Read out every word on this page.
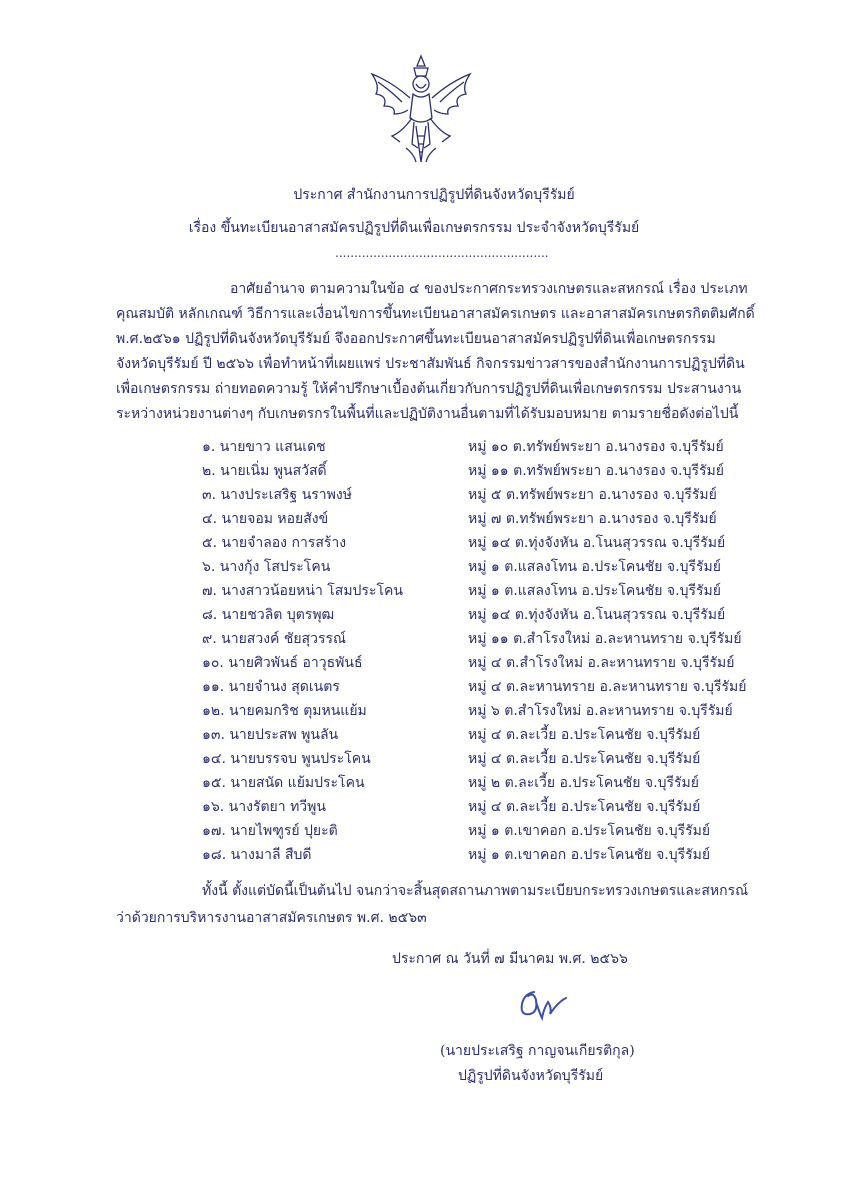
ประกาศ สำนักงานการปฏิรูปที่ดินจังหวัดบุรีรัมย์
เรื่อง ขึ้นทะเบียนอาสาสมัครปฏิรูปที่ดินเพื่อเกษตรกรรม ประจำจังหวัดบุรีรัมย์
........................................................
อาศัยอำนาจ ตามความในข้อ ๔ ของประกาศกระทรวงเกษตรและสหกรณ์ เรื่อง ประเภท
คุณสมบัติ หลักเกณฑ์ วิธีการและเงื่อนไขการขึ้นทะเบียนอาสาสมัครเกษตร และอาสาสมัครเกษตรกิตติมศักดิ์
พ.ศ.๒๕๖๑ ปฏิรูปที่ดินจังหวัดบุรีรัมย์ จึงออกประกาศขึ้นทะเบียนอาสาสมัครปฏิรูปที่ดินเพื่อเกษตรกรรม
จังหวัดบุรีรัมย์ ปี ๒๕๖๖ เพื่อทำหน้าที่เผยแพร่ ประชาสัมพันธ์ กิจกรรมข่าวสารของสำนักงานการปฏิรูปที่ดิน
เพื่อเกษตรกรรม ถ่ายทอดความรู้ ให้คำปรึกษาเบื้องต้นเกี่ยวกับการปฏิรูปที่ดินเพื่อเกษตรกรรม ประสานงาน
ระหว่างหน่วยงานต่างๆ กับเกษตรกรในพื้นที่และปฏิบัติงานอื่นตามที่ได้รับมอบหมาย ตามรายชื่อดังต่อไปนี้
๑. นายขาว แสนเดช	หมู่ ๑๐ ต.ทรัพย์พระยา อ.นางรอง จ.บุรีรัมย์
๒. นายเนิ่ม พูนสวัสดิ์	หมู่ ๑๑ ต.ทรัพย์พระยา อ.นางรอง จ.บุรีรัมย์
๓. นางประเสริฐ นราพงษ์	หมู่ ๕ ต.ทรัพย์พระยา อ.นางรอง จ.บุรีรัมย์
๔. นายจอม หอยสังข์	หมู่ ๗ ต.ทรัพย์พระยา อ.นางรอง จ.บุรีรัมย์
๕. นายจำลอง การสร้าง	หมู่ ๑๔ ต.ทุ่งจังหัน อ.โนนสุวรรณ จ.บุรีรัมย์
๖. นางกุ้ง โสประโคน	หมู่ ๑ ต.แสลงโทน อ.ประโคนชัย จ.บุรีรัมย์
๗. นางสาวน้อยหน่า โสมประโคน	หมู่ ๑ ต.แสลงโทน อ.ประโคนชัย จ.บุรีรัมย์
๘. นายชวลิต บุตรพุฒ	หมู่ ๑๔ ต.ทุ่งจังหัน อ.โนนสุวรรณ จ.บุรีรัมย์
๙. นายสวงค์ ชัยสุวรรณ์	หมู่ ๑๑ ต.สำโรงใหม่ อ.ละหานทราย จ.บุรีรัมย์
๑๐. นายศิวพันธ์ อาวุธพันธ์	หมู่ ๔ ต.สำโรงใหม่ อ.ละหานทราย จ.บุรีรัมย์
๑๑. นายจำนง สุดเนตร	หมู่ ๔ ต.ละหานทราย อ.ละหานทราย จ.บุรีรัมย์
๑๒. นายคมกริช ตุมหนแย้ม	หมู่ ๖ ต.สำโรงใหม่ อ.ละหานทราย จ.บุรีรัมย์
๑๓. นายประสพ พูนลัน	หมู่ ๔ ต.ละเวี้ย อ.ประโคนชัย จ.บุรีรัมย์
๑๔. นายบรรจบ พูนประโคน	หมู่ ๔ ต.ละเวี้ย อ.ประโคนชัย จ.บุรีรัมย์
๑๕. นายสนัด แย้มประโคน	หมู่ ๒ ต.ละเวี้ย อ.ประโคนชัย จ.บุรีรัมย์
๑๖. นางรัตยา ทวีพูน	หมู่ ๔ ต.ละเวี้ย อ.ประโคนชัย จ.บุรีรัมย์
๑๗. นายไพฑูรย์ ปุยะติ	หมู่ ๑ ต.เขาคอก อ.ประโคนชัย จ.บุรีรัมย์
๑๘. นางมาลี สืบดี	หมู่ ๑ ต.เขาคอก อ.ประโคนชัย จ.บุรีรัมย์
ทั้งนี้ ตั้งแต่บัดนี้เป็นต้นไป จนกว่าจะสิ้นสุดสถานภาพตามระเบียบกระทรวงเกษตรและสหกรณ์
ว่าด้วยการบริหารงานอาสาสมัครเกษตร พ.ศ. ๒๕๖๓
ประกาศ ณ วันที่ ๗ มีนาคม พ.ศ. ๒๕๖๖
(นายประเสริฐ กาญจนเกียรติกุล)
ปฏิรูปที่ดินจังหวัดบุรีรัมย์
